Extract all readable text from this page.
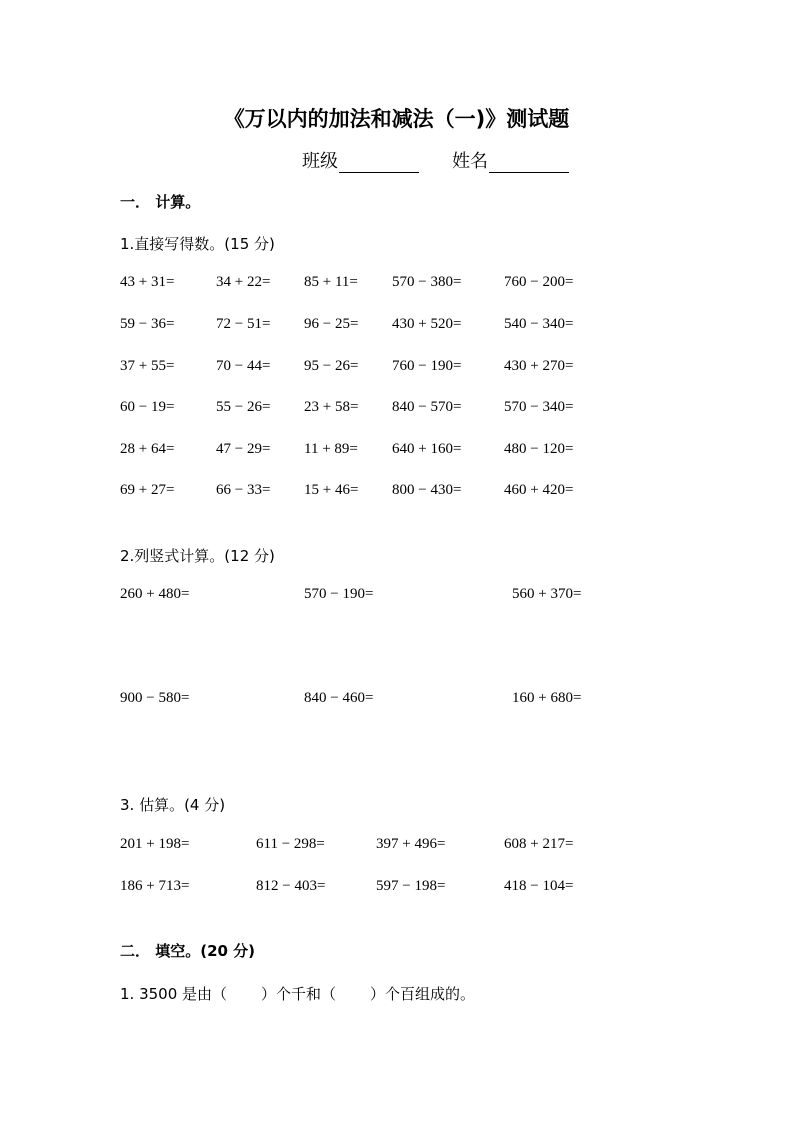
《万以内的加法和减法（一)》测试题
班级	姓名
一． 计算。
1.直接写得数。(15 分)
43 + 31=	34 + 22= 85 + 11= 570 − 380=	760 − 200=
59 − 36=	72 − 51= 96 − 25= 430 + 520=	540 − 340=
37 + 55=	70 − 44= 95 − 26= 760 − 190=	430 + 270=
60 − 19=	55 − 26= 23 + 58= 840 − 570=	570 − 340=
28 + 64=	47 − 29= 11 + 89= 640 + 160=	480 − 120=
69 + 27=	66 − 33= 15 + 46= 800 − 430=	460 + 420=
2.列竖式计算。(12 分)
260 + 480=	570 − 190=	560 + 370=
900 − 580=	840 − 460=	160 + 680=
3. 估算。(4 分)
201 + 198=	611 − 298=	397 + 496=	608 + 217=
186 + 713=	812 − 403=	597 − 198=	418 − 104=
二． 填空。(20 分)
1. 3500 是由（ ）个千和（ ）个百组成的。
